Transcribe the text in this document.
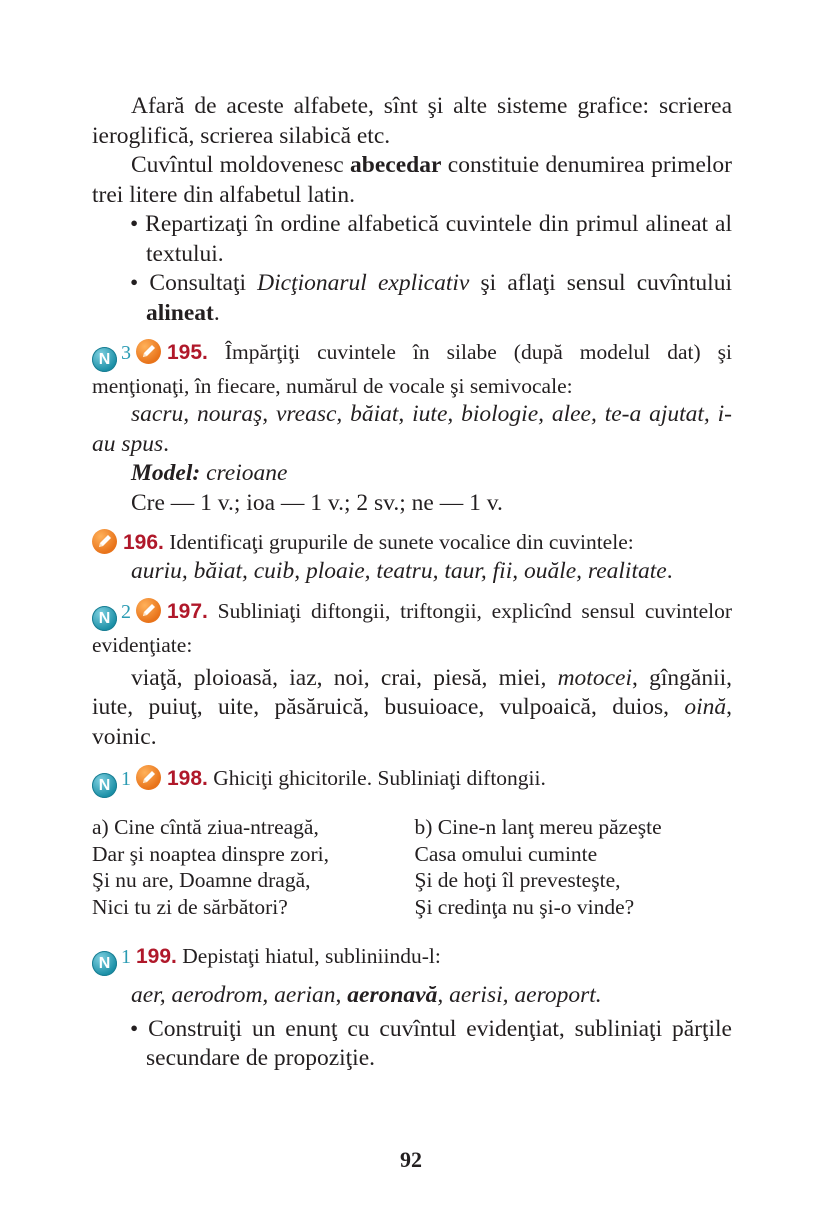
Afară de aceste alfabete, sînt şi alte sisteme grafice: scrierea ieroglifică, scrierea silabică etc.

Cuvîntul moldovenesc abecedar constituie denumirea primelor trei litere din alfabetul latin.

• Repartizaţi în ordine alfabetică cuvintele din primul alineat al textului.

• Consultaţi Dicţionarul explicativ şi aflaţi sensul cuvîntului alineat.

N 3 195. Împărţiţi cuvintele în silabe (după modelul dat) şi menţionaţi, în fiecare, numărul de vocale şi semivocale:

sacru, nouraş, vreasc, băiat, iute, biologie, alee, te-a ajutat, i-au spus.

Model: creioane

Cre — 1 v.; ioa — 1 v.; 2 sv.; ne — 1 v.

196. Identificaţi grupurile de sunete vocalice din cuvintele:

auriu, băiat, cuib, ploaie, teatru, taur, fii, ouăle, realitate.

N 2 197. Subliniaţi diftongii, triftongii, explicînd sensul cuvintelor evidenţiate:

viaţă, ploioasă, iaz, noi, crai, piesă, miei, motocei, gîngănii, iute, puiuţ, uite, păsăruică, busuioace, vulpoaică, duios, oină, voinic.

N 1 198. Ghiciţi ghicitorile. Subliniaţi diftongii.

a) Cine cîntă ziua-ntreagă,
Dar şi noaptea dinspre zori,
Şi nu are, Doamne dragă,
Nici tu zi de sărbători?
b) Cine-n lanţ mereu păzeşte
Casa omului cuminte
Şi de hoţi îl prevesteşte,
Şi credinţa nu şi-o vinde?

N 1 199. Depistaţi hiatul, subliniindu-l:

aer, aerodrom, aerian, aeronavă, aerisi, aeroport.

• Construiţi un enunţ cu cuvîntul evidenţiat, subliniaţi părţile secundare de propoziţie.

92
